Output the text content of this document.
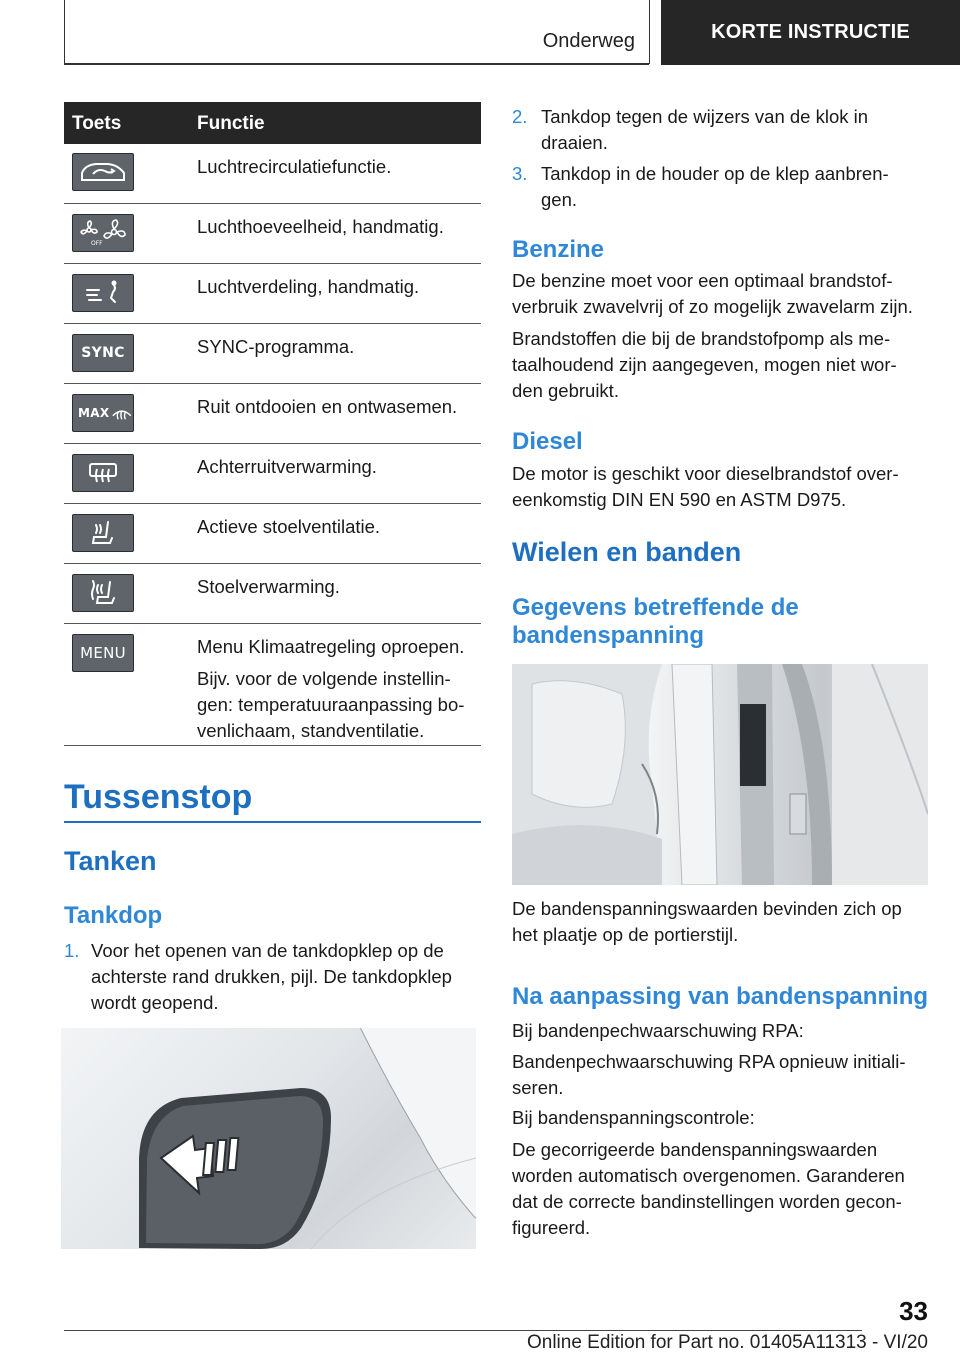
Onderweg	KORTE INSTRUCTIE
Toets	Functie
Luchtrecirculatiefunctie.
OFF
Luchthoeveelheid, handmatig.
Luchtverdeling, handmatig.
SYNC	SYNC-programma.
MAX	Ruit ontdooien en ontwasemen.
Achterruitverwarming.
Actieve stoelventilatie.
Stoelverwarming.
MENU	Menu Klimaatregeling oproepen.

Bijv. voor de volgende instellin-
gen: temperatuuraanpassing bo-
venlichaam, standventilatie.

Tussenstop
Tanken
Tankdop
1. Voor het openen van de tankdopklep op de achterste rand drukken, pijl. De tankdopklep wordt geopend.
2. Tankdop tegen de wijzers van de klok in draaien.
3. Tankdop in de houder op de klep aanbren-
gen.
Benzine
De benzine moet voor een optimaal brandstof-
verbruik zwavelvrij of zo mogelijk zwavelarm zijn.
Brandstoffen die bij de brandstofpomp als me-
taalhoudend zijn aangegeven, mogen niet wor-
den gebruikt.
Diesel
De motor is geschikt voor dieselbrandstof over-
eenkomstig DIN EN 590 en ASTM D975.
Wielen en banden
Gegevens betreffende de
bandenspanning
De bandenspanningswaarden bevinden zich op
het plaatje op de portierstijl.
Na aanpassing van bandenspanning
Bij bandenpechwaarschuwing RPA:
Bandenpechwaarschuwing RPA opnieuw initiali-
seren.
Bij bandenspanningscontrole:
De gecorrigeerde bandenspanningswaarden
worden automatisch overgenomen. Garanderen
dat de correcte bandinstellingen worden gecon-
figureerd.
33
Online Edition for Part no. 01405A11313 - VI/20
